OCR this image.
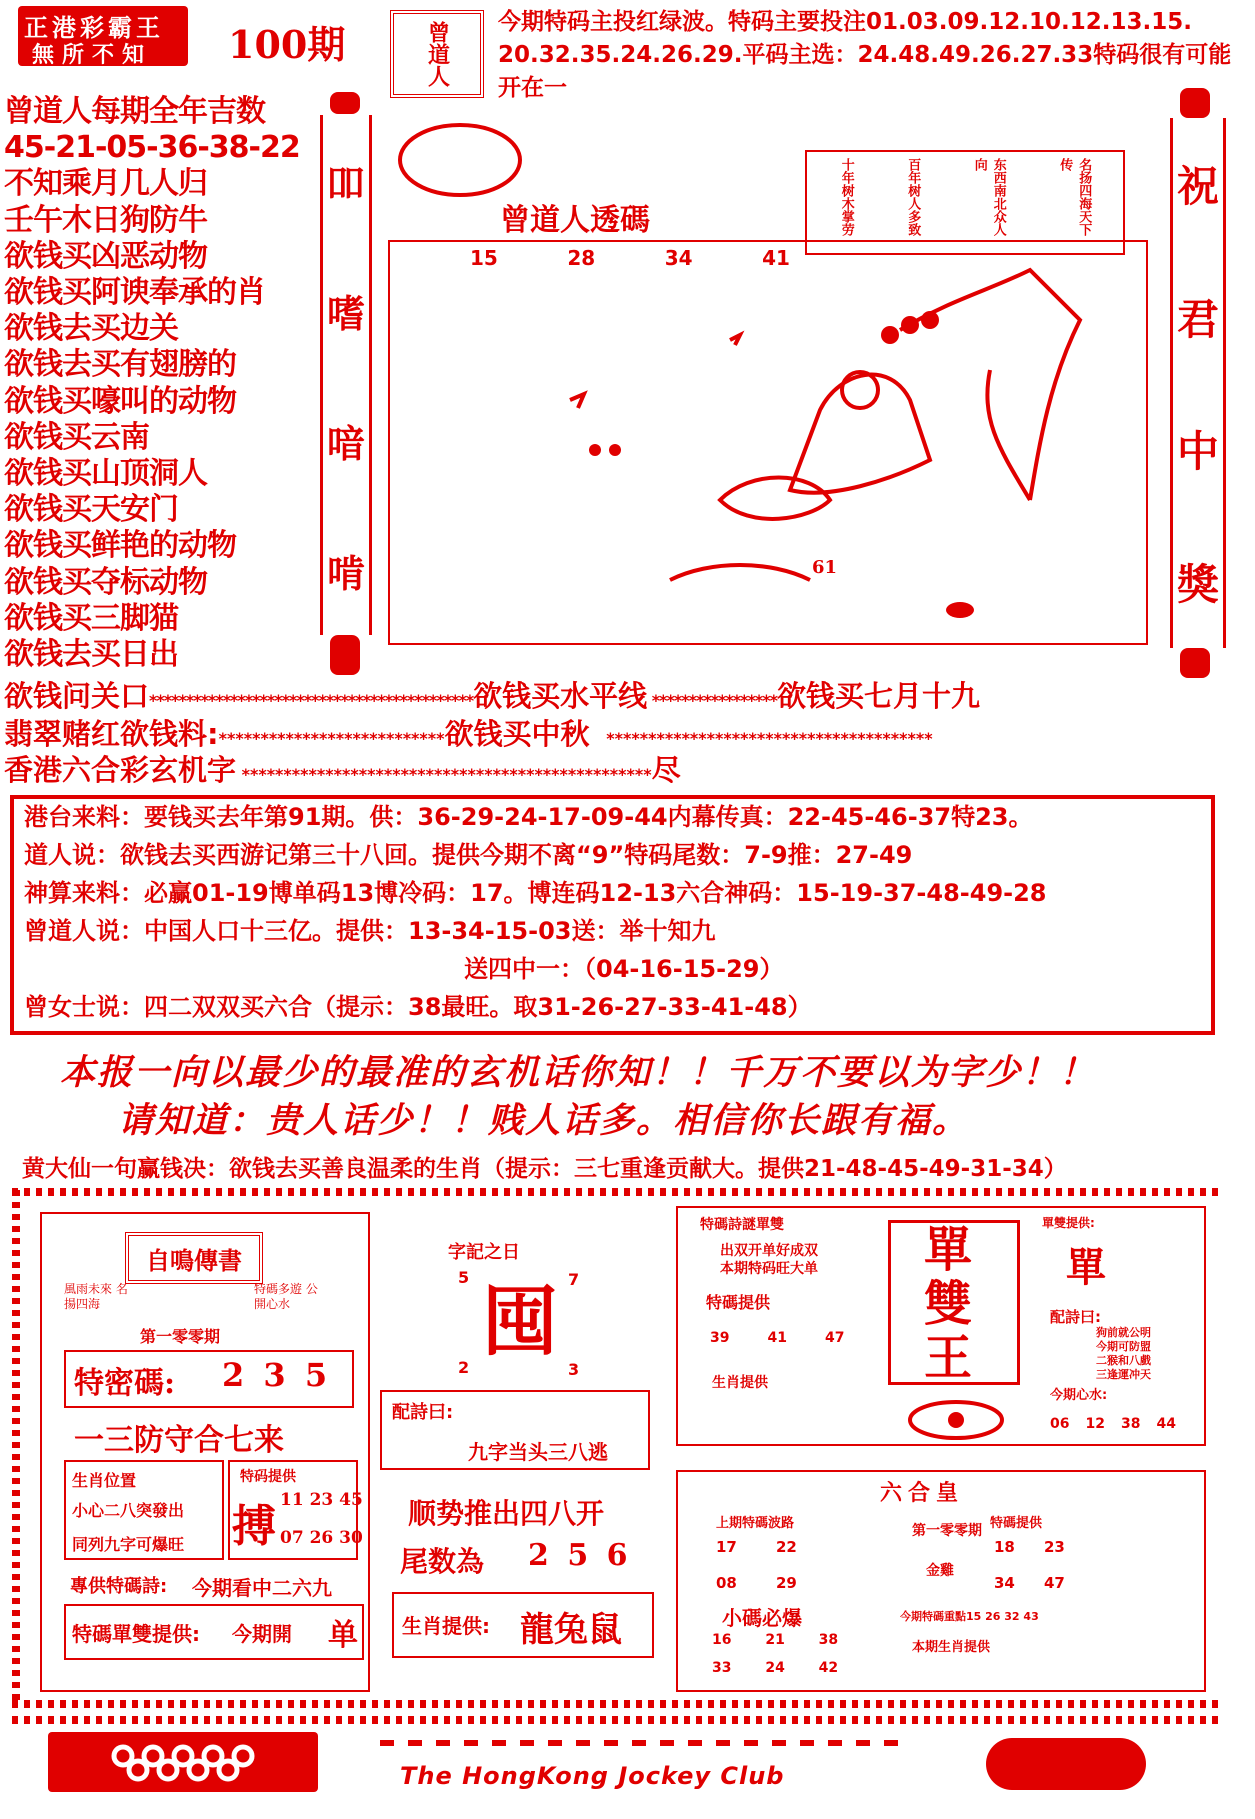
正港彩霸王
無所不知 100期	曾道人 今期特码主投红绿波。特码主要投注01.03.09.12.10.12.13.15.
20.32.35.24.26.29.平码主选：24.48.49.26.27.33特码很有可能
开在一
曾道人每期全年吉数
45-21-05-36-38-22
不知乘月几人归
壬午木日狗防牛
欲钱买凶恶动物
欲钱买阿谀奉承的肖
欲钱去买边关
欲钱去买有翅膀的
欲钱买嚎叫的动物
欲钱买云南
欲钱买山顶洞人
欲钱买天安门
欲钱买鲜艳的动物
欲钱买夺标动物
欲钱买三脚猫
欲钱去买日出
吅
嗜
喑
啃
祝
君
中
獎
曾道人透碼
15	28	34	41
十年树木掌劳	百年树人多致	东西南北众人向	名扬四海天下传
61
欲钱问关口********************************************欲钱买水平线 *****************欲钱买七月十九
翡翠赌红欲钱料:***************************欲钱买中秋   ***************************************
香港六合彩玄机字 *************************************************尽
港台来料：要钱买去年第91期。供：36-29-24-17-09-44内幕传真：22-45-46-37特23。
道人说：欲钱去买西游记第三十八回。提供今期不离“9”特码尾数：7-9推：27-49
神算来料：必赢01-19博单码13博冷码：17。博连码12-13六合神码：15-19-37-48-49-28
曾道人说：中国人口十三亿。提供：13-34-15-03送：举十知九
送四中一：（04-16-15-29）
曾女士说：四二双双买六合（提示：38最旺。取31-26-27-33-41-48）
本报一向以最少的最准的玄机话你知！！千万不要以为字少！！
请知道：贵人话少！！贱人话多。相信你长跟有福。
黄大仙一句赢钱决：欲钱去买善良温柔的生肖（提示：三七重逢贡献大。提供21-48-45-49-31-34）
自鳴傳書
風雨未來 名揚四海
特碼多遊 公開心水
第一零零期
特密碼: 2 3 5
一三防守合七来
生肖位置
小心二八突發出
同列九字可爆旺
特码提供
搏
11 23 45
07 26 30
專供特碼詩: 今期看中二六九
特碼單雙提供: 今期開 单
字記之日
5	7
囤
2	3
配詩曰:
九字当头三八逃
顺势推出四八开
尾数為 2 5 6
生肖提供: 龍兔鼠
特碼詩謎單雙
出双开单好成双
本期特码旺大单
特碼提供
39	41	47
生肖提供
單
雙
王
單雙提供:
單
配詩曰:
狗前就公明
今期可防盟
二猴和八戲
三逢運冲天
今期心水:
06 12 38 44
六合皇
上期特碼波路
17	22
08	29
第一零零期
金雞
特碼提供
18	23
34	47
小碼必爆	今期特碼重點15 26 32 43
16	21	38
33	24	42
本期生肖提供
The HongKong Jockey Club
